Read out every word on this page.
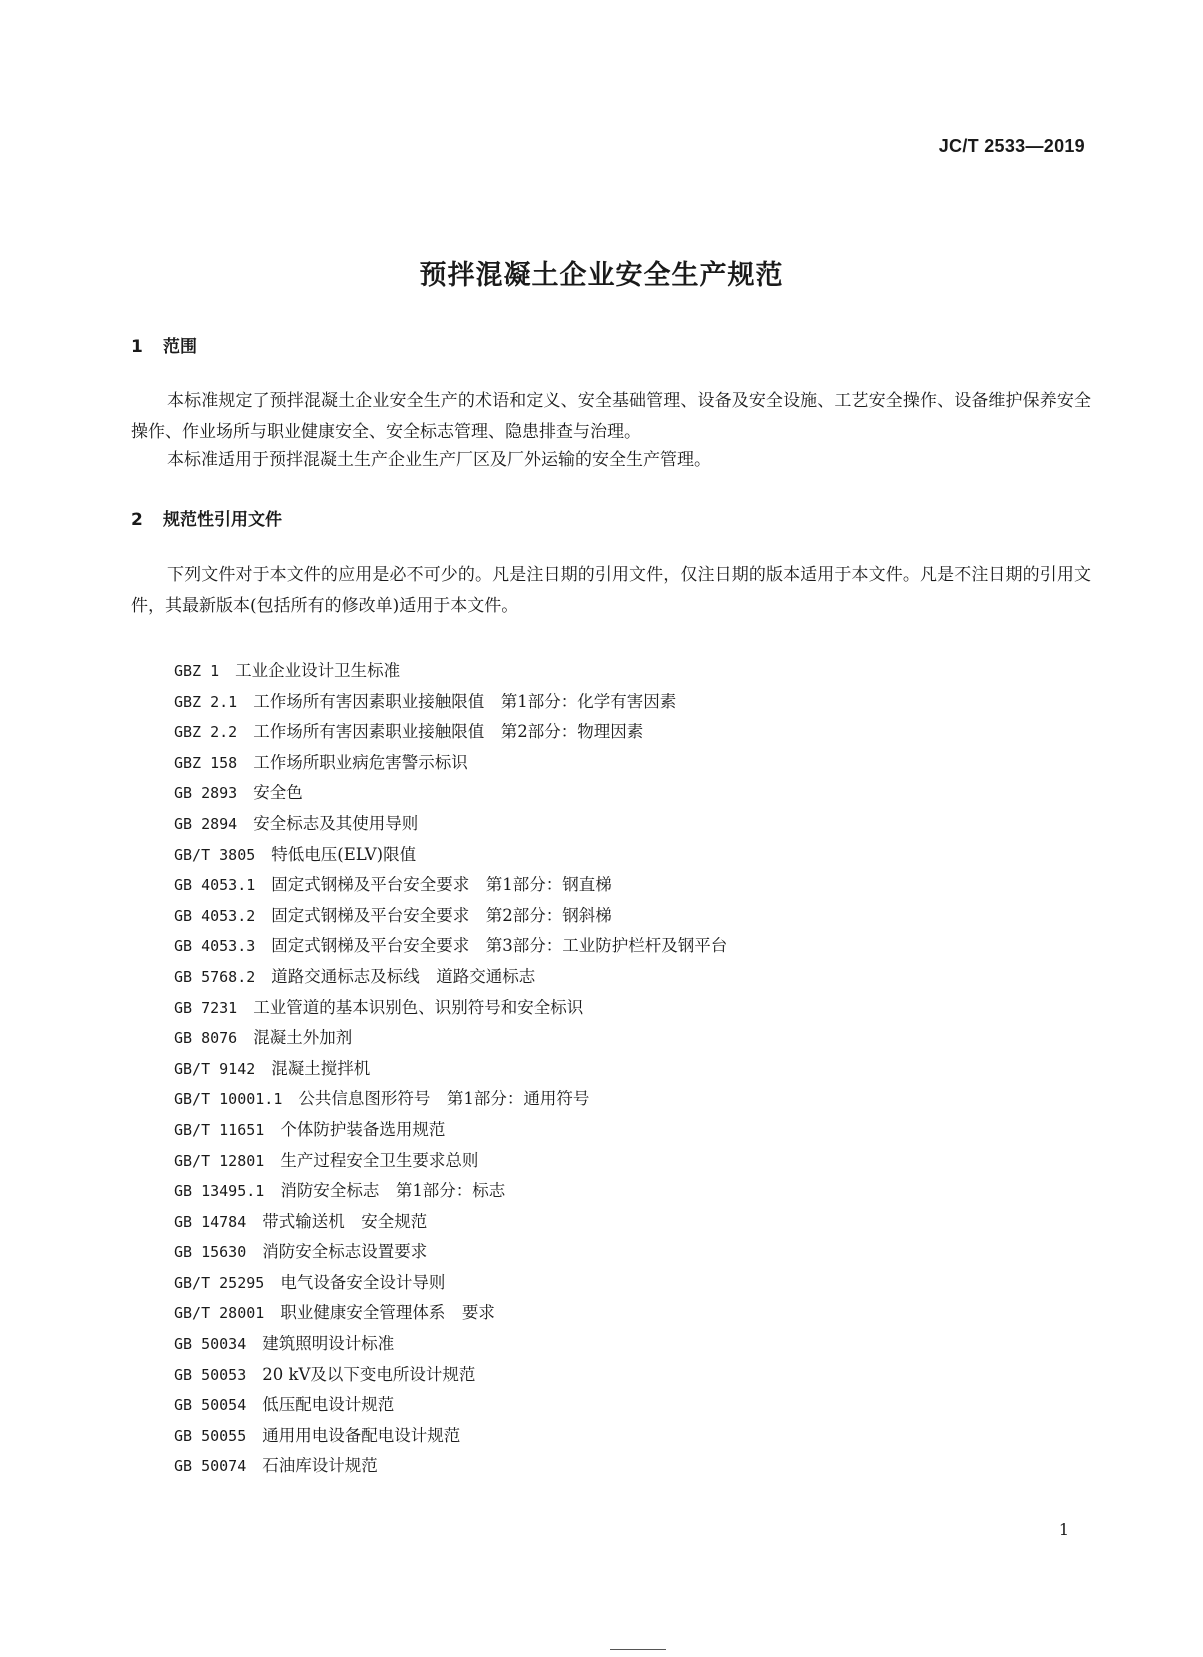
JC/T 2533—2019
预拌混凝土企业安全生产规范
1 范围

本标准规定了预拌混凝土企业安全生产的术语和定义、安全基础管理、设备及安全设施、工艺安全操作、设备维护保养安全操作、作业场所与职业健康安全、安全标志管理、隐患排查与治理。

本标准适用于预拌混凝土生产企业生产厂区及厂外运输的安全生产管理。

2 规范性引用文件

下列文件对于本文件的应用是必不可少的。凡是注日期的引用文件，仅注日期的版本适用于本文件。凡是不注日期的引用文件，其最新版本(包括所有的修改单)适用于本文件。

GBZ 1 工业企业设计卫生标准
GBZ 2.1 工作场所有害因素职业接触限值　第1部分：化学有害因素
GBZ 2.2 工作场所有害因素职业接触限值　第2部分：物理因素
GBZ 158 工作场所职业病危害警示标识
GB 2893 安全色
GB 2894 安全标志及其使用导则
GB/T 3805 特低电压(ELV)限值
GB 4053.1 固定式钢梯及平台安全要求　第1部分：钢直梯
GB 4053.2 固定式钢梯及平台安全要求　第2部分：钢斜梯
GB 4053.3 固定式钢梯及平台安全要求　第3部分：工业防护栏杆及钢平台
GB 5768.2 道路交通标志及标线　道路交通标志
GB 7231 工业管道的基本识别色、识别符号和安全标识
GB 8076 混凝土外加剂
GB/T 9142 混凝土搅拌机
GB/T 10001.1 公共信息图形符号　第1部分：通用符号
GB/T 11651 个体防护装备选用规范
GB/T 12801 生产过程安全卫生要求总则
GB 13495.1 消防安全标志　第1部分：标志
GB 14784 带式输送机　安全规范
GB 15630 消防安全标志设置要求
GB/T 25295 电气设备安全设计导则
GB/T 28001 职业健康安全管理体系　要求
GB 50034 建筑照明设计标准
GB 50053 20 kV及以下变电所设计规范
GB 50054 低压配电设计规范
GB 50055 通用用电设备配电设计规范
GB 50074 石油库设计规范
1
